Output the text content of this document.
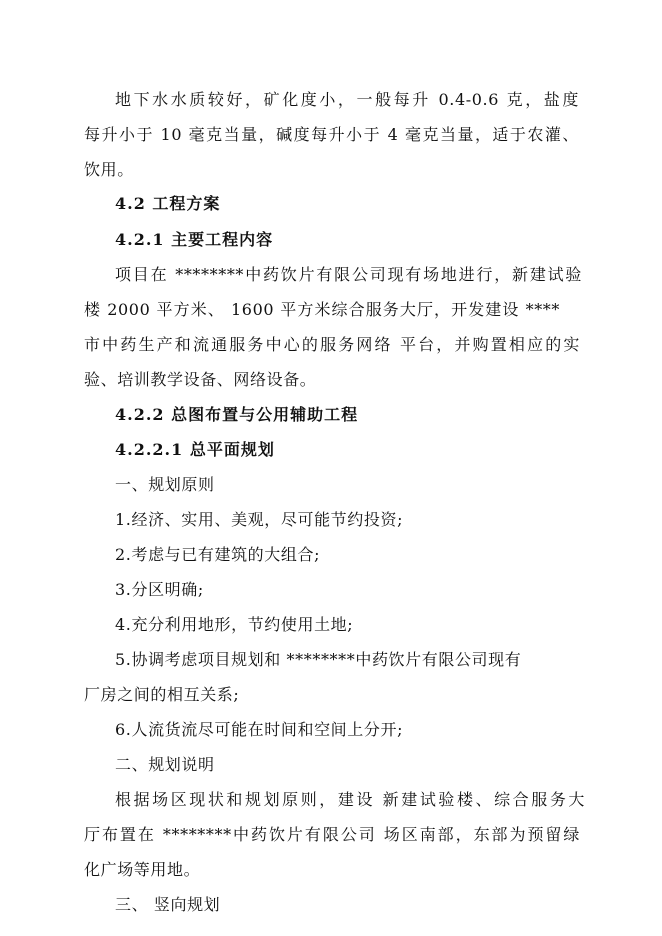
地下水水质较好，矿化度小，一般每升 0.4-0.6 克，盐度
每升小于 10 毫克当量，碱度每升小于 4 毫克当量，适于农灌、
饮用。
4.2 工程方案
4.2.1 主要工程内容
项目在 ********中药饮片有限公司现有场地进行，新建试验
楼 2000 平方米、 1600 平方米综合服务大厅，开发建设 ****
市中药生产和流通服务中心的服务网络 平台，并购置相应的实
验、培训教学设备、网络设备。
4.2.2 总图布置与公用辅助工程
4.2.2.1 总平面规划
一、规划原则
1.经济、实用、美观，尽可能节约投资;
2.考虑与已有建筑的大组合;
3.分区明确;
4.充分利用地形，节约使用土地;
5.协调考虑项目规划和 ********中药饮片有限公司现有
厂房之间的相互关系;
6.人流货流尽可能在时间和空间上分开;
二、规划说明
根据场区现状和规划原则，建设 新建试验楼、综合服务大
厅布置在 ********中药饮片有限公司 场区南部，东部为预留绿
化广场等用地。
三、 竖向规划
